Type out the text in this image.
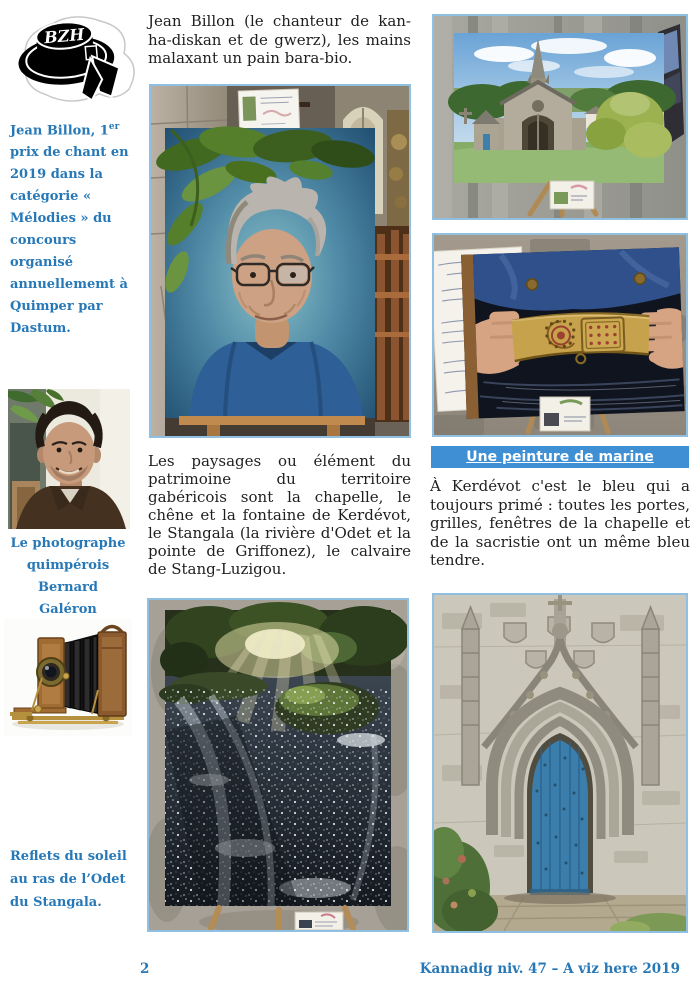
BZH

Jean Billon, 1er prix de chant en 2019 dans la catégorie « Mélodies » du concours organisé annuellememt à Quimper par Dastum.

Jean Billon (le chanteur de kan-ha-diskan et de gwerz), les mains malaxant un pain bara-bio.

Les paysages ou élément du patrimoine du territoire gabéricois sont la chapelle, le chêne et la fontaine de Kerdévot, le Stangala (la rivière d'Odet et la pointe de Griffonez), le calvaire de Stang-Luzigou.

Le photographe quimpérois Bernard Galéron

Reflets du soleil au ras de l’Odet du Stangala.

Une peinture de marine

À Kerdévot c'est le bleu qui a toujours primé : toutes les portes, grilles, fenêtres de la chapelle et de la sacristie ont un même bleu tendre.

2	Kannadig niv. 47 – A viz here 2019
